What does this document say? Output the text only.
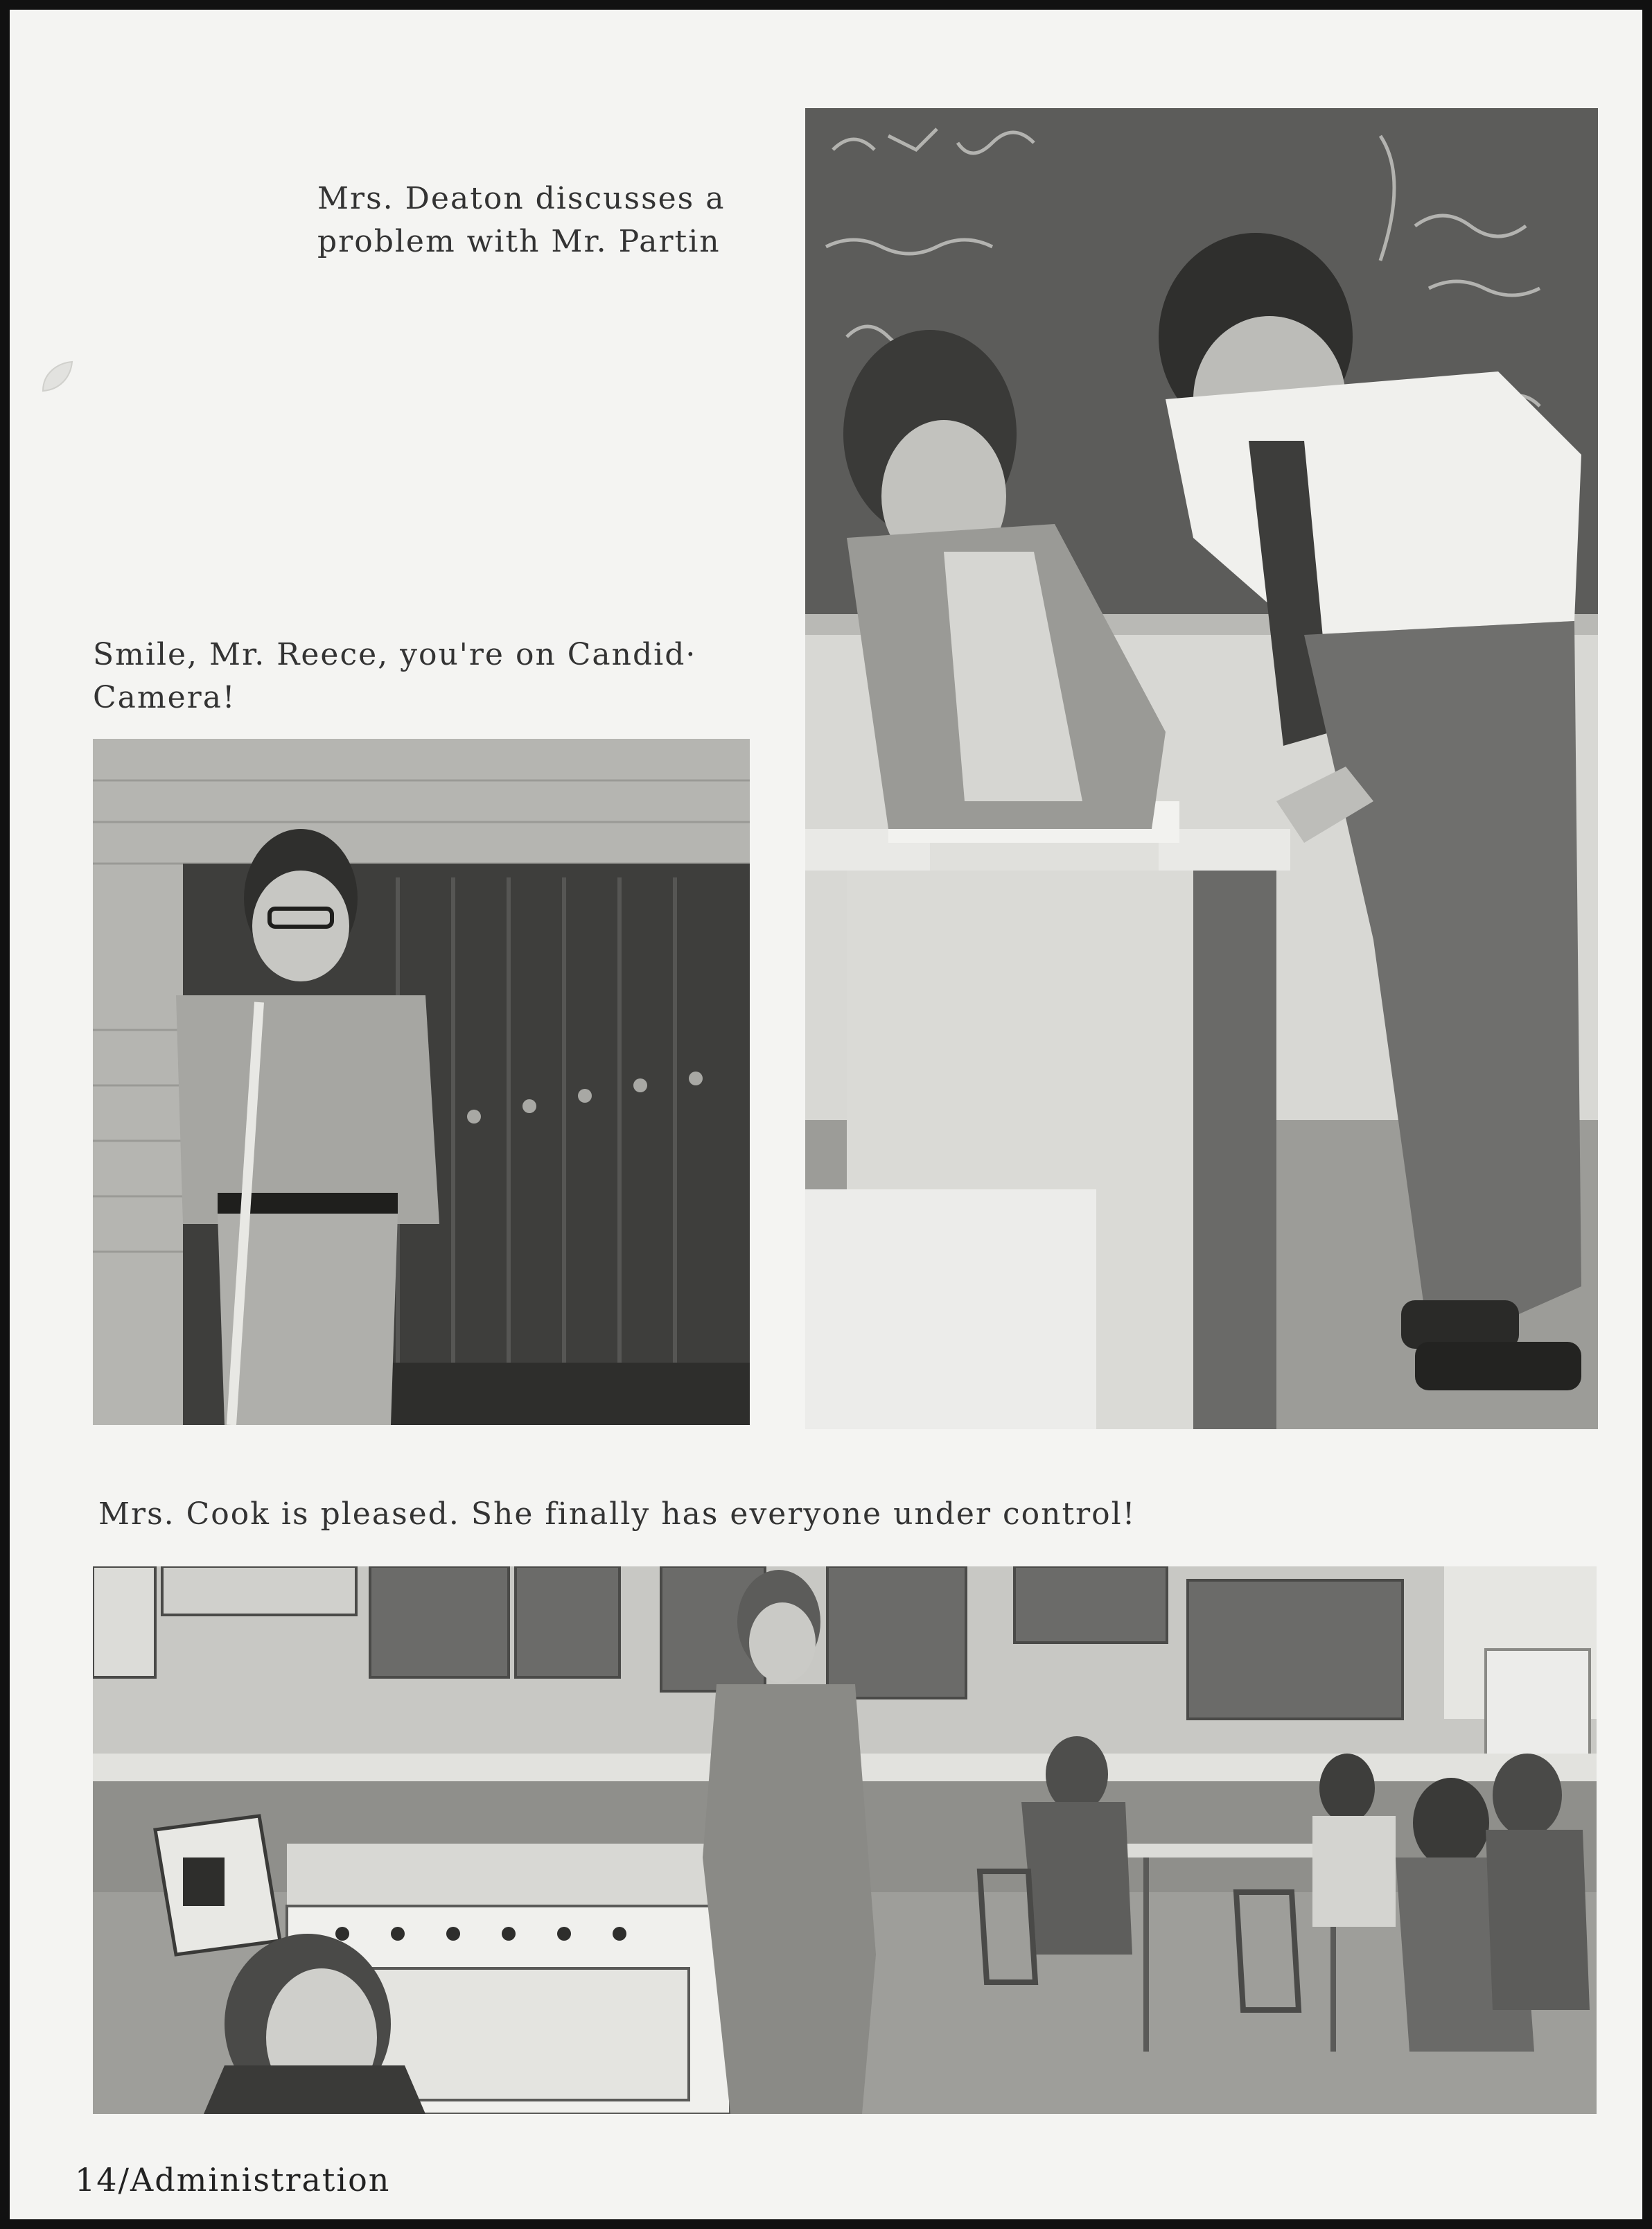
Mrs. Deaton discusses a
problem with Mr. Partin
Smile, Mr. Reece, you're on Candid·
Camera!
Mrs. Cook is pleased. She finally has everyone under control!
14/Administration
